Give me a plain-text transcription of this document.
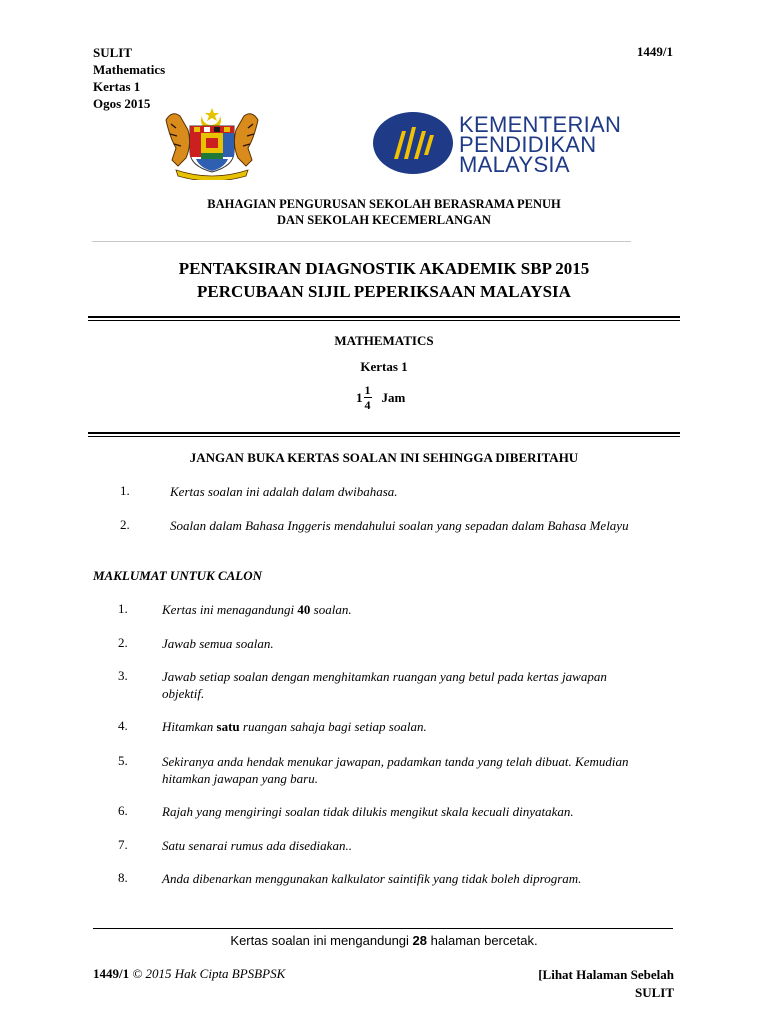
SULIT
Mathematics
Kertas 1
Ogos 2015
1449/1
KEMENTERIAN
PENDIDIKAN
MALAYSIA
BAHAGIAN PENGURUSAN SEKOLAH BERASRAMA PENUH
DAN SEKOLAH KECEMERLANGAN
PENTAKSIRAN DIAGNOSTIK AKADEMIK SBP 2015
PERCUBAAN SIJIL PEPERIKSAAN MALAYSIA
MATHEMATICS
Kertas 1
$1 \frac{1}{4}$ Jam
JANGAN BUKA KERTAS SOALAN INI SEHINGGA DIBERITAHU
1.	Kertas soalan ini adalah dalam dwibahasa.
2.	Soalan dalam Bahasa Inggeris mendahului soalan yang sepadan dalam Bahasa Melayu
MAKLUMAT UNTUK CALON
1.	Kertas ini menagandungi 40 soalan.
2.	Jawab semua soalan.
3.	Jawab setiap soalan dengan menghitamkan ruangan yang betul pada kertas jawapan objektif.
4.	Hitamkan satu ruangan sahaja bagi setiap soalan.
5.	Sekiranya anda hendak menukar jawapan, padamkan tanda yang telah dibuat. Kemudian hitamkan jawapan yang baru.
6.	Rajah yang mengiringi soalan tidak dilukis mengikut skala kecuali dinyatakan.
7.	Satu senarai rumus ada disediakan..
8.	Anda dibenarkan menggunakan kalkulator saintifik yang tidak boleh diprogram.
Kertas soalan ini mengandungi 28 halaman bercetak.
1449/1 © 2015 Hak Cipta BPSBPSK	[Lihat Halaman Sebelah
SULIT
